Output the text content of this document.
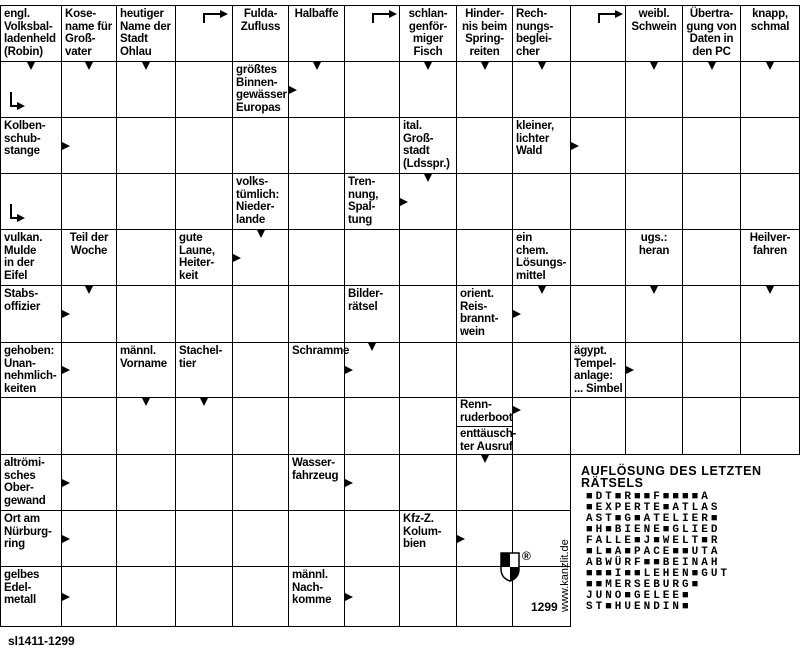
engl.
Volksbal-
ladenheld
(Robin)
Kose-
name für
Groß-
vater
heutiger
Name der
Stadt
Ohlau
Fulda-
Zufluss
Halbaffe	schlan-
genför-
miger
Fisch
Hinder-
nis beim
Spring-
reiten
Rech-
nungs-
beglei-
cher
weibl.
Schwein
Übertra-
gung von
Daten in
den PC
knapp,
schmal
größtes
Binnen-
gewässer
Europas
Kolben-
schub-
stange
ital.
Groß-
stadt
(Ldsspr.)
kleiner,
lichter
Wald
volks-
tümlich:
Nieder-
lande
Tren-
nung,
Spal-
tung
vulkan.
Mulde
in der
Eifel
Teil der
Woche
gute
Laune,
Heiter-
keit
ein
chem.
Lösungs-
mittel
ugs.:
heran
Heilver-
fahren
Stabs-
offizier
Bilder-
rätsel
orient.
Reis-
brannt-
wein
gehoben:
Unan-
nehmlich-
keiten
männl.
Vorname
Stachel-
tier
Schramme	ägypt.
Tempel-
anlage:
... Simbel
Renn-
ruderboot
enttäusch-
ter Ausruf
altrömi-
sches
Ober-
gewand
Wasser-
fahrzeug
Ort am
Nürburg-
ring
Kfz-Z.
Kolum-
bien
gelbes
Edel-
metall
männl.
Nach-
komme
AUFLÖSUNG DES LETZTEN
RÄTSELS
■DT■R■■F■■■■A
■EXPERTE■ATLAS
AST■G■ATELIER■
■H■BIENE■GLIED
FALLE■J■WELT■R
■L■A■PACE■■UTA
ABWÜRF■■BEINAH
■■■I■■LEHEN■GUT
■■MERSEBURG■
JUNO■GELEE■
ST■HUENDIN■
®	www.kanzlit.de
1299
sl1411-1299
